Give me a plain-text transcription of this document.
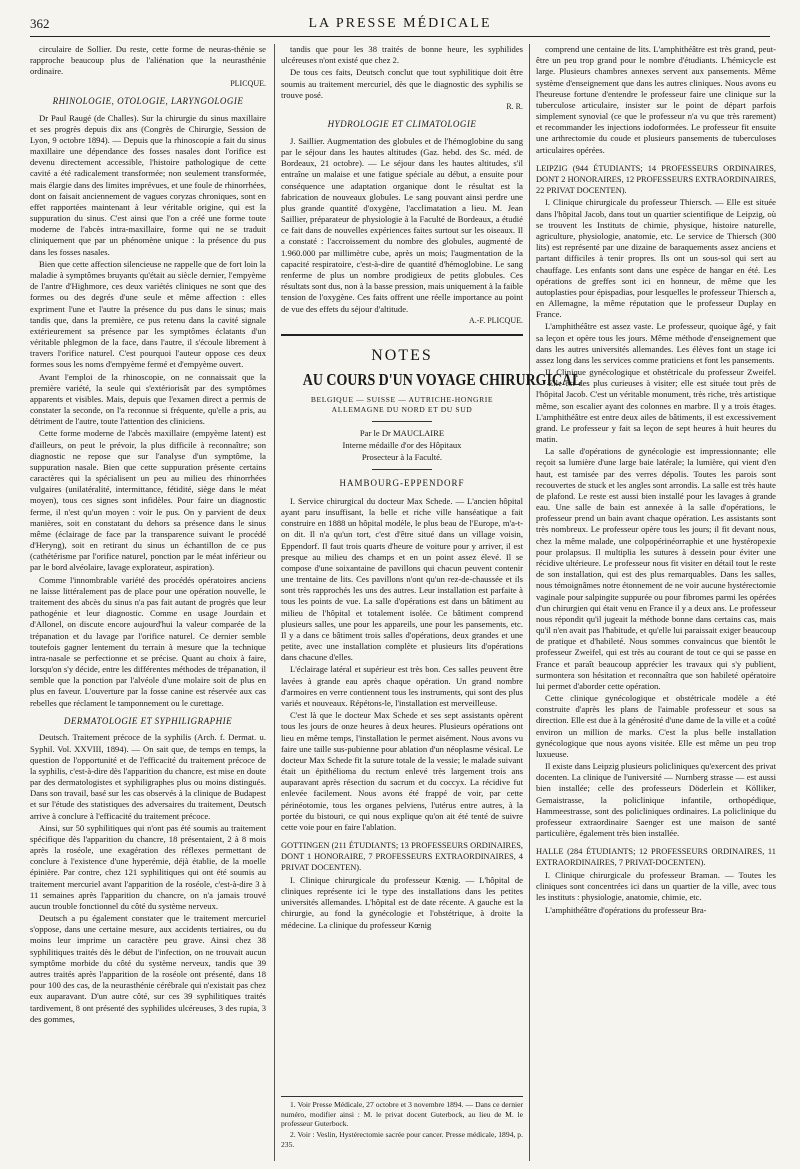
362	LA PRESSE MÉDICALE

circulaire de Sollier. Du reste, cette forme de neuras-thénie se rapproche beaucoup plus de l'aliénation que la neurasthénie ordinaire.

PLICQUE.

RHINOLOGIE, OTOLOGIE, LARYNGOLOGIE

Dr Paul Raugé (de Challes). Sur la chirurgie du sinus maxillaire et ses progrès depuis dix ans (Congrès de Chirurgie, Session de Lyon, 9 octobre 1894). — Depuis que la rhinoscopie a fait du sinus maxillaire une dépendance des fosses nasales dont l'orifice est devenu directement accessible, l'histoire pathologique de cette cavité a été radicalement transformée; non seulement transformée, mais élargie dans des limites imprévues, et une foule de rhinorrhées, dont on faisait anciennement de vagues coryzas chroniques, sont en effet rapportées maintenant à leur véritable origine, qui est la suppuration du sinus. C'est ainsi que l'on a créé une forme toute moderne de l'abcès intra-maxillaire, forme qui ne se traduit cliniquement que par un phénomène unique : la présence du pus dans les fosses nasales.

Bien que cette affection silencieuse ne rappelle que de fort loin la maladie à symptômes bruyants qu'était au siècle dernier, l'empyème de l'antre d'Highmore, ces deux variétés cliniques ne sont que des formes ou des degrés d'une seule et même affection : elles expriment l'une et l'autre la présence du pus dans le sinus; mais tandis que, dans la première, ce pus retenu dans la cavité signale extérieurement sa présence par les symptômes éclatants d'un véritable phlegmon de la face, dans l'autre, il s'écoule librement à travers l'orifice naturel. C'est pourquoi l'auteur oppose ces deux formes sous les noms d'empyème fermé et d'empyème ouvert.

Avant l'emploi de la rhinoscopie, on ne connaissait que la première variété, la seule qui s'extériorisât par des symptômes apparents et visibles. Mais, depuis que l'examen direct a permis de constater la seconde, on l'a reconnue si fréquente, qu'elle a pris, au détriment de l'autre, toute l'attention des cliniciens.

Cette forme moderne de l'abcès maxillaire (empyème latent) est d'ailleurs, on peut le prévoir, la plus difficile à reconnaître; son diagnostic ne repose que sur l'analyse d'un symptôme, la suppuration nasale. Bien que cette suppuration présente certains caractères qui la spécialisent un peu au milieu des rhinorrhées vulgaires (unilatéralité, intermittance, fétidité, siège dans le méat moyen), tous ces signes sont infidèles. Pour faire un diagnostic ferme, il n'est qu'un moyen : voir le pus. On y parvient de deux manières, soit en constatant du dehors sa présence dans le sinus même (éclairage de face par la transparence suivant le procédé d'Heryng), soit en retirant du sinus un échantillon de ce pus (cathétérisme par l'orifice naturel, ponction par le méat inférieur ou par le bord alvéolaire, lavage explorateur, aspiration).

Comme l'innombrable variété des procédés opératoires anciens ne laisse littéralement pas de place pour une opération nouvelle, le traitement des abcès du sinus n'a pas fait autant de progrès que leur pathogénie et leur diagnostic. Comme en usage Jourdain et d'Allonel, on discute encore aujourd'hui la valeur comparée de la trépanation et du lavage par l'orifice naturel. Ce dernier semble toutefois gagner lentement du terrain à mesure que la technique intra-nasale se perfectionne et se précise. Quant au choix à faire, lorsqu'on s'y décide, entre les différentes méthodes de trépanation, il semble que la ponction par l'alvéole d'une molaire soit de plus en plus en faveur. L'ouverture par la fosse canine est réservée aux cas rebelles que réclament le tamponnement ou le curettage.

DERMATOLOGIE ET SYPHILIGRAPHIE

Deutsch. Traitement précoce de la syphilis (Arch. f. Dermat. u. Syphil. Vol. XXVIII, 1894). — On sait que, de temps en temps, la question de l'opportunité et de l'efficacité du traitement précoce de la syphilis, c'est-à-dire dès l'apparition du chancre, est mise en doute par des dermatologistes et syphiligraphes plus ou moins distingués. Dans son travail, basé sur les cas observés à la clinique de Budapest et sur l'étude des statistiques des adversaires du traitement, Deutsch arrive à conclure à l'efficacité du traitement précoce.

Ainsi, sur 50 syphilitiques qui n'ont pas été soumis au traitement spécifique dès l'apparition du chancre, 18 présentaient, 2 à 8 mois après la roséole, une exagération des réflexes permettant de conclure à l'existence d'une hyperémie, déjà établie, de la moelle épinière. Par contre, chez 121 syphilitiques qui ont été soumis au traitement mercuriel avant l'apparition de la roséole, c'est-à-dire 3 à 11 semaines après l'apparition du chancre, on n'a jamais trouvé aucun trouble fonctionnel du côté du système nerveux.

Deutsch a pu également constater que le traitement mercuriel s'oppose, dans une certaine mesure, aux accidents tertiaires, ou du moins leur imprime un caractère peu grave. Ainsi chez 38 syphilitiques traités dès le début de l'infection, on ne trouvait aucun symptôme morbide du côté du système nerveux, tandis que 39 autres traités après l'apparition de la roséole ont présenté, dans 18 pour 100 des cas, de la neurasthénie cérébrale qui n'existait pas chez eux auparavant. D'un autre côté, sur ces 39 syphilitiques traités tardivement, 8 ont présenté des syphilides ulcéreuses, 3 des rupia, 3 des gommes,

tandis que pour les 38 traités de bonne heure, les syphilides ulcéreuses n'ont existé que chez 2.

De tous ces faits, Deutsch conclut que tout syphilitique doit être soumis au traitement mercuriel, dès que le diagnostic des syphilis se trouve posé.

R. R.

HYDROLOGIE ET CLIMATOLOGIE

J. Saillier. Augmentation des globules et de l'hémoglobine du sang par le séjour dans les hautes altitudes (Gaz. hebd. des Sc. méd. de Bordeaux, 21 octobre). — Le séjour dans les hautes altitudes, s'il entraîne un malaise et une fatigue spéciale au début, a ensuite pour conséquence une adaptation organique dont le résultat est la fabrication de nouveaux globules. Le sang pouvant ainsi perdre une plus grande quantité d'oxygène, l'acclimatation a lieu. M. Jean Saillier, préparateur de physiologie à la Faculté de Bordeaux, a étudié ce fait dans de nouvelles expériences faites surtout sur les oiseaux. Il a constaté : l'accroissement du nombre des globules, augmenté de 1.960.000 par millimètre cube, après un mois; l'augmentation de la capacité respiratoire, c'est-à-dire de quantité d'hémoglobine. Le sang renferme de plus un nombre prodigieux de petits globules. Ces résultats sont dus, non à la basse pression, mais uniquement à la faible tension de l'oxygène. Ces faits offrent une réelle importance au point de vue des effets du séjour d'altitude.

A.-F. PLICQUE.

NOTES
AU COURS D'UN VOYAGE CHIRURGICAL
BELGIQUE — SUISSE — AUTRICHE-HONGRIE
ALLEMAGNE DU NORD ET DU SUD

Par le Dr MAUCLAIRE

Interne médaille d'or des Hôpitaux

Prosecteur à la Faculté.

HAMBOURG-EPPENDORF

I. Service chirurgical du docteur Max Schede. — L'ancien hôpital ayant paru insuffisant, la belle et riche ville hanséatique a fait construire en 1888 un hôpital modèle, le plus beau de l'Europe, m'a-t-on dit. Il n'a qu'un tort, c'est d'être situé dans un village voisin, Eppendorf. Il faut trois quarts d'heure de voiture pour y arriver, il est presque au milieu des champs et en un point assez élevé. Il se compose d'une soixantaine de pavillons qui chacun peuvent contenir une trentaine de lits. Ces pavillons n'ont qu'un rez-de-chaussée et ils sont très rapprochés les uns des autres. Leur installation est parfaite à tous les points de vue. La salle d'opérations est dans un bâtiment au milieu de l'hôpital et totalement isolée. Ce bâtiment comprend plusieurs salles, une pour les appareils, une pour les pansements, etc. Il y a dans ce bâtiment trois salles d'opérations, deux grandes et une petite, avec une installation complète et plusieurs lits d'opérations dans chacune d'elles.

L'éclairage latéral et supérieur est très bon. Ces salles peuvent être lavées à grande eau après chaque opération. Un grand nombre d'armoires en verre contiennent tous les instruments, qui sont des plus variés et nouveaux. Répétons-le, l'installation est merveilleuse.

C'est là que le docteur Max Schede et ses sept assistants opèrent tous les jours de onze heures à deux heures. Plusieurs opérations ont lieu en même temps, l'installation le permet aisément. Nous avons vu faire une taille sus-pubienne pour ablation d'un néoplasme vésical. Le docteur Max Schede fit la suture totale de la vessie; le malade suivant était un épithélioma du rectum enlevé très largement trois ans auparavant après résection du sacrum et du coccyx. La récidive fut enlevée facilement. Nous avons été frappé de voir, par cette périnéotomie, tous les organes pelviens, l'utérus entre autres, à la portée du bistouri, ce qui nous explique qu'on ait été tenté de suivre cette voie pour en faire l'ablation.

GOTTINGEN (211 ÉTUDIANTS; 13 PROFESSEURS ORDINAIRES, DONT 1 HONORAIRE, 7 PROFESSEURS EXTRAORDINAIRES, 4 PRIVAT DOCENTEN).

I. Clinique chirurgicale du professeur Kœnig. — L'hôpital de cliniques représente ici le type des installations dans les petites universités allemandes. L'hôpital est de date récente. A gauche est la chirurgie, au fond la gynécologie et l'obstétrique, à droite la médecine. La clinique du professeur Kœnig

1. Voir Presse Médicale, 27 octobre et 3 novembre 1894. — Dans ce dernier numéro, modifier ainsi : M. le privat docent Guterbock, au lieu de M. le professeur Guterbock.

2. Voir : Veslin, Hystérectomie sacrée pour cancer. Presse médicale, 1894, p. 235.

comprend une centaine de lits. L'amphithéâtre est très grand, peut-être un peu trop grand pour le nombre d'étudiants. L'hémicycle est large. Plusieurs chambres annexes servent aux pansements. Même système d'enseignement que dans les autres cliniques. Nous avons eu l'heureuse fortune d'entendre le professeur faire une clinique sur la tuberculose articulaire, insister sur le point de départ parfois simplement synovial (ce que le professeur n'a vu que très rarement) et recommander les injections iodoformées. Le professeur fit ensuite une arthrectomie du coude et plusieurs pansements de tuberculoses articulaires opérées.

LEIPZIG (944 ÉTUDIANTS; 14 PROFESSEURS ORDINAIRES, DONT 2 HONORAIRES, 12 PROFESSEURS EXTRAORDINAIRES, 22 PRIVAT DOCENTEN).

I. Clinique chirurgicale du professeur Thiersch. — Elle est située dans l'hôpital Jacob, dans tout un quartier scientifique de Leipzig, où se trouvent les Instituts de chimie, physique, histoire naturelle, agriculture, physiologie, anatomie, etc. Le service de Thiersch (300 lits) est représenté par une dizaine de baraquements assez anciens et partant difficiles à tenir propres. Ils ont un sous-sol qui sert au chauffage. Les enfants sont dans une espèce de hangar en été. Les opérations de greffes sont ici en honneur, de même que les autoplasties pour épispadias, pour lesquelles le professeur Thiersch a, en Allemagne, la même réputation que le professeur Duplay en France.

L'amphithéâtre est assez vaste. Le professeur, quoique âgé, y fait sa leçon et opère tous les jours. Même méthode d'enseignement que dans les autres universités allemandes. Les élèves font un stage ici assez long dans les services comme praticiens et font les pansements.

II. Clinique gynécologique et obstétricale du professeur Zweifel. — Elle est des plus curieuses à visiter; elle est située tout près de l'hôpital Jacob. C'est un véritable monument, très riche, très artistique même, son escalier ayant des colonnes en marbre. Il y a trois étages. L'amphithéâtre est entre deux ailes de bâtiments, il est excessivement grand. Le professeur y fait sa leçon de sept heures à huit heures du matin.

La salle d'opérations de gynécologie est impressionnante; elle reçoit sa lumière d'une large baie latérale; la lumière, qui vient d'en haut, est tamisée par des verres dépolis. Toutes les parois sont recouvertes de stuck et les angles sont arrondis. La salle est très haute de plafond. Le reste est aussi bien installé pour les lavages à grande eau. Une salle de bain est annexée à la salle d'opérations, le professeur prend un bain avant chaque opération. Les assistants sont très nombreux. Le professeur opère tous les jours; il fit devant nous, chez la même malade, une colpopérinéorraphie et une hystéropexie pour prolapsus. Il multiplia les sutures à dessein pour éviter une récidive ultérieure. Le professeur nous fit visiter en détail tout le reste de son installation, qui est des plus remarquables. Dans les salles, nous témoignâmes notre étonnement de ne voir aucune hystérectomie vaginale pour salpingite suppurée ou pour fibromes parmi les opérées d'un chirurgien qui était venu en France il y a deux ans. Le professeur nous répondit qu'il jugeait la méthode bonne dans certains cas, mais qu'il n'en avait pas l'habitude, et qu'elle lui paraissait exiger beaucoup de pratique et d'habileté. Nous sommes convaincus que bientôt le professeur Zweifel, qui est très au courant de tout ce qui se passe en France et paraît beaucoup apprécier les travaux qui s'y publient, surmontera son hésitation et reconnaîtra que son habileté opératoire lui permet d'aborder cette opération.

Cette clinique gynécologique et obstétricale modèle a été construite d'après les plans de l'aimable professeur et sous sa direction. Elle est due à la générosité d'une dame de la ville et a coûté environ un million de marks. C'est la plus belle installation gynécologique que nous ayons visitée. Elle est même un peu trop luxueuse.

Il existe dans Leipzig plusieurs policliniques qu'exercent des privat docenten. La clinique de l'université — Nurnberg strasse — est aussi bien installée; celle des professeurs Döderlein et Kölliker, Gemaistrasse, la policlinique infantile, orthopédique, Hammeestrasse, sont des policliniques ordinaires. La policlinique du professeur extraordinaire Saenger est une maison de santé particulière, également très bien installée.

HALLE (284 ÉTUDIANTS; 12 PROFESSEURS ORDINAIRES, 11 EXTRAORDINAIRES, 7 PRIVAT-DOCENTEN).

I. Clinique chirurgicale du professeur Braman. — Toutes les cliniques sont concentrées ici dans un quartier de la ville, avec tous les instituts : physiologie, anatomie, chimie, etc.

L'amphithéâtre d'opérations du professeur Bra-
